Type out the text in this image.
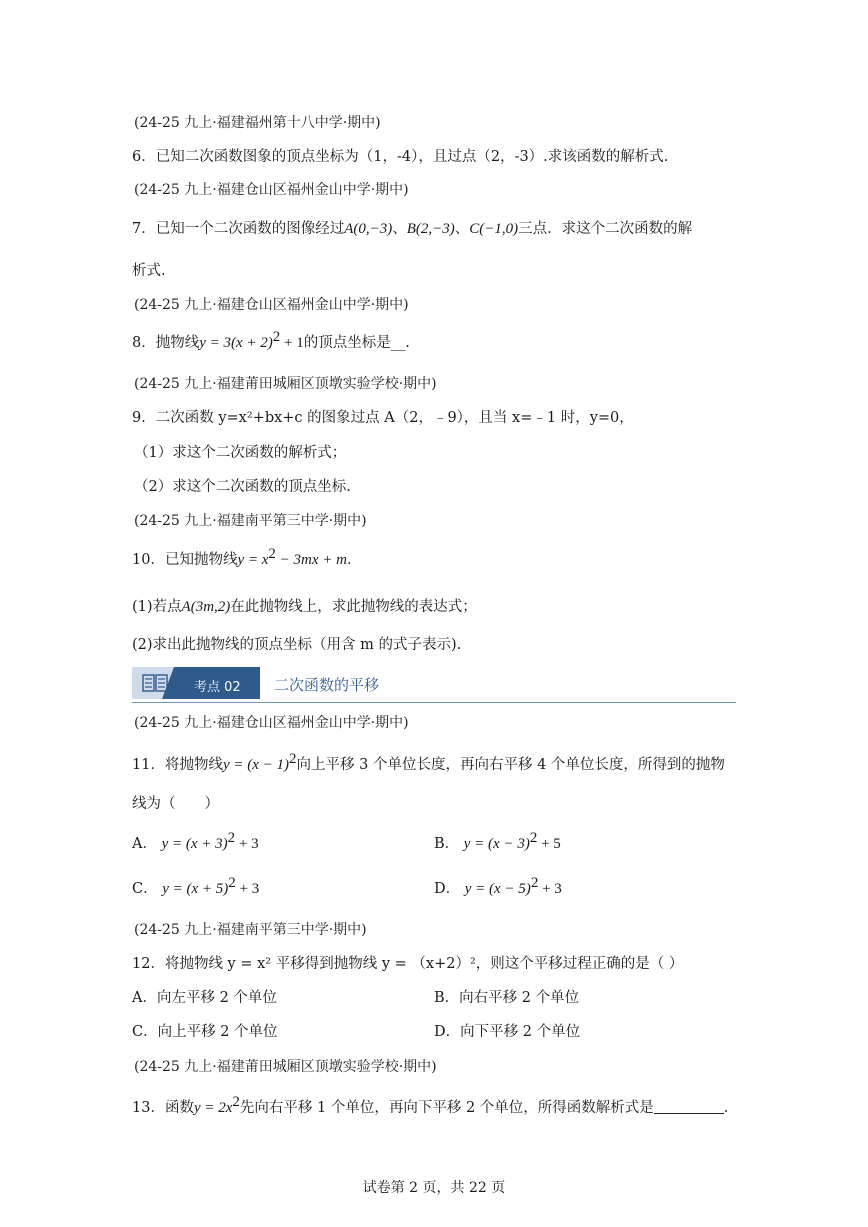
(24-25 九上·福建福州第十八中学·期中)
6．已知二次函数图象的顶点坐标为（1，-4），且过点（2，-3）.求该函数的解析式.
(24-25 九上·福建仓山区福州金山中学·期中)
7．已知一个二次函数的图像经过A(0,−3)、B(2,−3)、C(−1,0)三点．求这个二次函数的解
析式.
(24-25 九上·福建仓山区福州金山中学·期中)
8．抛物线$y = 3(x + 2)^2 + 1$的顶点坐标是__.
(24-25 九上·福建莆田城厢区顶墩实验学校·期中)
9．二次函数 y=x²+bx+c 的图象过点 A（2，﹣9），且当 x=﹣1 时，y=0，
（1）求这个二次函数的解析式；
（2）求这个二次函数的顶点坐标.
(24-25 九上·福建南平第三中学·期中)
10．已知抛物线$y = x^2 - 3mx + m$．
(1)若点A(3m,2)在此抛物线上，求此抛物线的表达式；
(2)求出此抛物线的顶点坐标（用含 m 的式子表示).
考点 02 二次函数的平移
(24-25 九上·福建仓山区福州金山中学·期中)
11．将抛物线$y = (x - 1)^2$向上平移 3 个单位长度，再向右平移 4 个单位长度，所得到的抛物
线为（　　）
A． $y = (x + 3)^2 + 3$	B． $y = (x - 3)^2 + 5$
C． $y = (x + 5)^2 + 3$	D． $y = (x - 5)^2 + 3$
(24-25 九上·福建南平第三中学·期中)
12．将抛物线 y = x² 平移得到抛物线 y = （x+2）²，则这个平移过程正确的是（ ）
A．向左平移 2 个单位	B．向右平移 2 个单位
C．向上平移 2 个单位	D．向下平移 2 个单位
(24-25 九上·福建莆田城厢区顶墩实验学校·期中)
13．函数$y = 2x^2$先向右平移 1 个单位，再向下平移 2 个单位，所得函数解析式是	.
试卷第 2 页，共 22 页
